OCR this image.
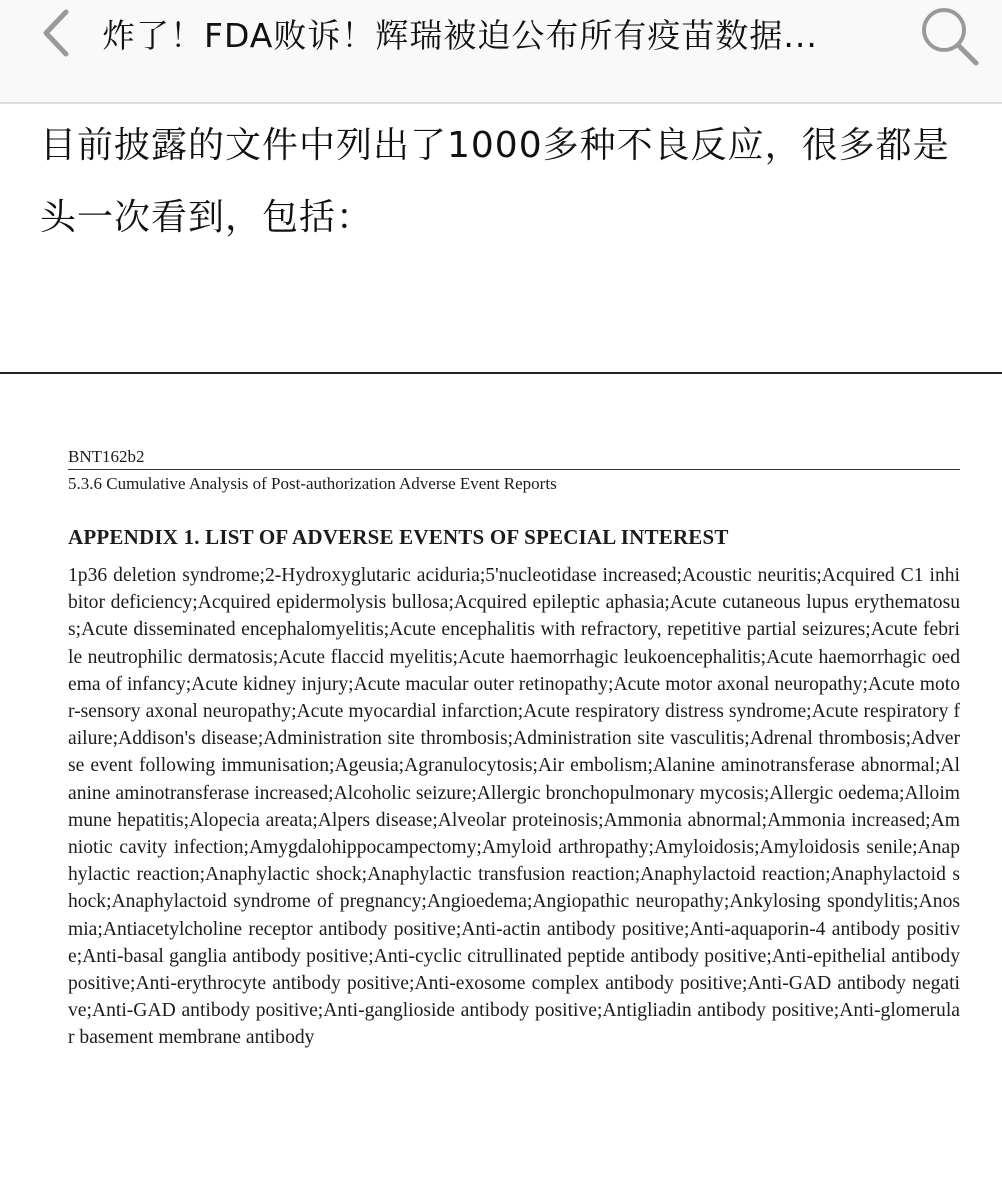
炸了！FDA败诉！辉瑞被迫公布所有疫苗数据...
目前披露的文件中列出了1000多种不良反应，很多都是头一次看到，包括：
BNT162b2
5.3.6 Cumulative Analysis of Post-authorization Adverse Event Reports
APPENDIX 1. LIST OF ADVERSE EVENTS OF SPECIAL INTEREST
1p36 deletion syndrome;2-Hydroxyglutaric aciduria;5'nucleotidase increased;Acoustic neuritis;Acquired C1 inhibitor deficiency;Acquired epidermolysis bullosa;Acquired epileptic aphasia;Acute cutaneous lupus erythematosus;Acute disseminated encephalomyelitis;Acute encephalitis with refractory, repetitive partial seizures;Acute febrile neutrophilic dermatosis;Acute flaccid myelitis;Acute haemorrhagic leukoencephalitis;Acute haemorrhagic oedema of infancy;Acute kidney injury;Acute macular outer retinopathy;Acute motor axonal neuropathy;Acute motor-sensory axonal neuropathy;Acute myocardial infarction;Acute respiratory distress syndrome;Acute respiratory failure;Addison's disease;Administration site thrombosis;Administration site vasculitis;Adrenal thrombosis;Adverse event following immunisation;Ageusia;Agranulocytosis;Air embolism;Alanine aminotransferase abnormal;Alanine aminotransferase increased;Alcoholic seizure;Allergic bronchopulmonary mycosis;Allergic oedema;Alloimmune hepatitis;Alopecia areata;Alpers disease;Alveolar proteinosis;Ammonia abnormal;Ammonia increased;Amniotic cavity infection;Amygdalohippocampectomy;Amyloid arthropathy;Amyloidosis;Amyloidosis senile;Anaphylactic reaction;Anaphylactic shock;Anaphylactic transfusion reaction;Anaphylactoid reaction;Anaphylactoid shock;Anaphylactoid syndrome of pregnancy;Angioedema;Angiopathic neuropathy;Ankylosing spondylitis;Anosmia;Antiacetylcholine receptor antibody positive;Anti-actin antibody positive;Anti-aquaporin-4 antibody positive;Anti-basal ganglia antibody positive;Anti-cyclic citrullinated peptide antibody positive;Anti-epithelial antibody positive;Anti-erythrocyte antibody positive;Anti-exosome complex antibody positive;Anti-GAD antibody negative;Anti-GAD antibody positive;Anti-ganglioside antibody positive;Antigliadin antibody positive;Anti-glomerular basement membrane antibody
